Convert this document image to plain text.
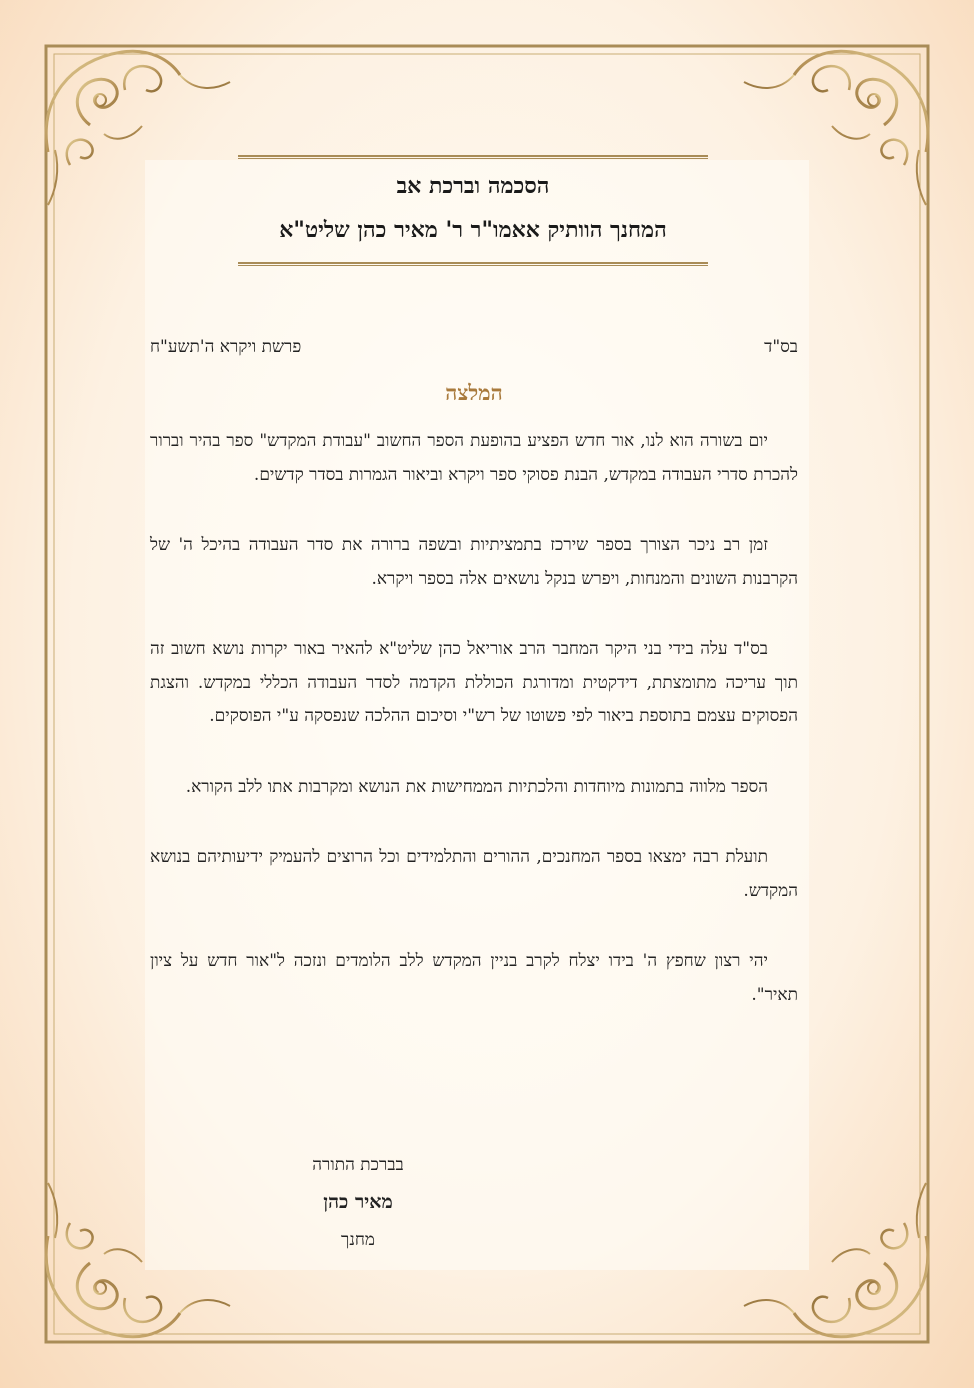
הסכמה וברכת אב
המחנך הוותיק אאמו"ר ר' מאיר כהן שליט"א
בס"ד
פרשת ויקרא ה'תשע"ח
המלצה

יום בשורה הוא לנו, אור חדש הפציע בהופעת הספר החשוב "עבודת המקדש" ספר בהיר וברור להכרת סדרי העבודה במקדש, הבנת פסוקי ספר ויקרא וביאור הגמרות בסדר קדשים.

זמן רב ניכר הצורך בספר שירכז בתמציתיות ובשפה ברורה את סדר העבודה בהיכל ה' של הקרבנות השונים והמנחות, ויפרש בנקל נושאים אלה בספר ויקרא.

בס"ד עלה בידי בני היקר המחבר הרב אוריאל כהן שליט"א להאיר באור יקרות נושא חשוב זה תוך עריכה מתומצתת, דידקטית ומדורגת הכוללת הקדמה לסדר העבודה הכללי במקדש. והצגת הפסוקים עצמם בתוספת ביאור לפי פשוטו של רש"י וסיכום ההלכה שנפסקה ע"י הפוסקים.

הספר מלווה בתמונות מיוחדות והלכתיות הממחישות את הנושא ומקרבות אתו ללב הקורא.

תועלת רבה ימצאו בספר המחנכים, ההורים והתלמידים וכל הרוצים להעמיק ידיעותיהם בנושא המקדש.

יהי רצון שחפץ ה' בידו יצלח לקרב בניין המקדש ללב הלומדים ונזכה ל"אור חדש על ציון תאיר".

בברכת התורה
מאיר כהן
מחנך
